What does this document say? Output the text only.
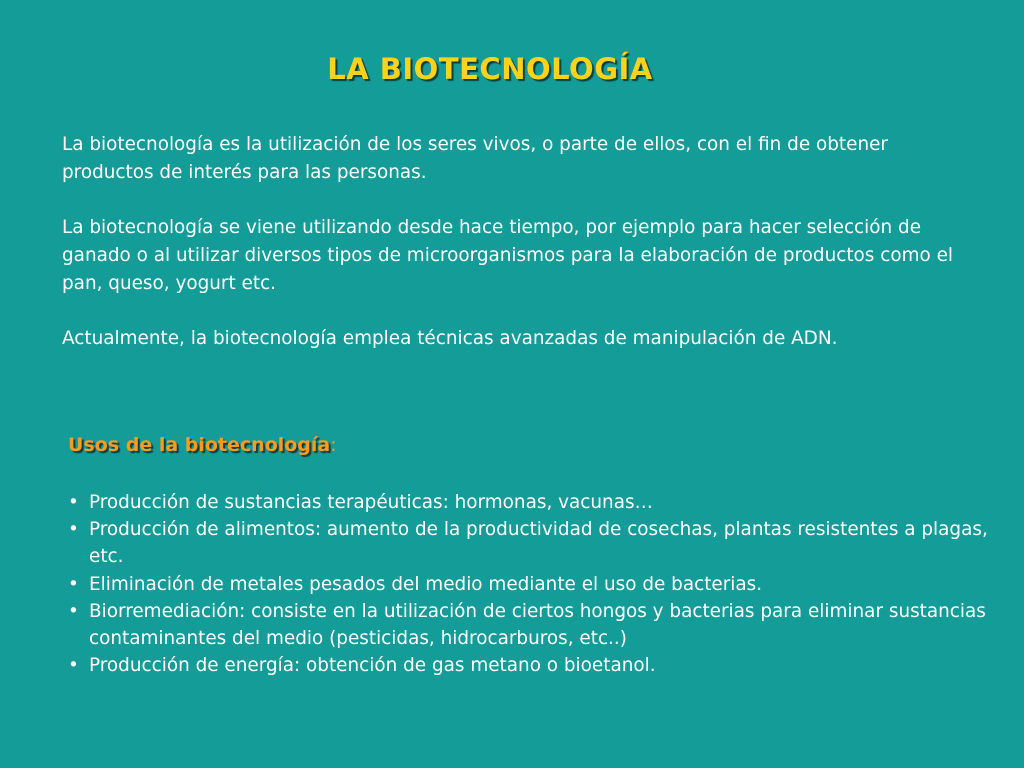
LA BIOTECNOLOGÍA

La biotecnología es la utilización de los seres vivos, o parte de ellos, con el fin de obtener productos de interés para las personas.

La biotecnología se viene utilizando desde hace tiempo, por ejemplo para hacer selección de ganado o al utilizar diversos tipos de microorganismos para la elaboración de productos como el pan, queso, yogurt etc.

Actualmente, la biotecnología emplea técnicas avanzadas de manipulación de ADN.

Usos de la biotecnología:
• Producción de sustancias terapéuticas: hormonas, vacunas…
• Producción de alimentos: aumento de la productividad de cosechas, plantas resistentes a plagas, etc.
• Eliminación de metales pesados del medio mediante el uso de bacterias.
• Biorremediación: consiste en la utilización de ciertos hongos y bacterias para eliminar sustancias contaminantes del medio (pesticidas, hidrocarburos, etc..)
• Producción de energía: obtención de gas metano o bioetanol.
